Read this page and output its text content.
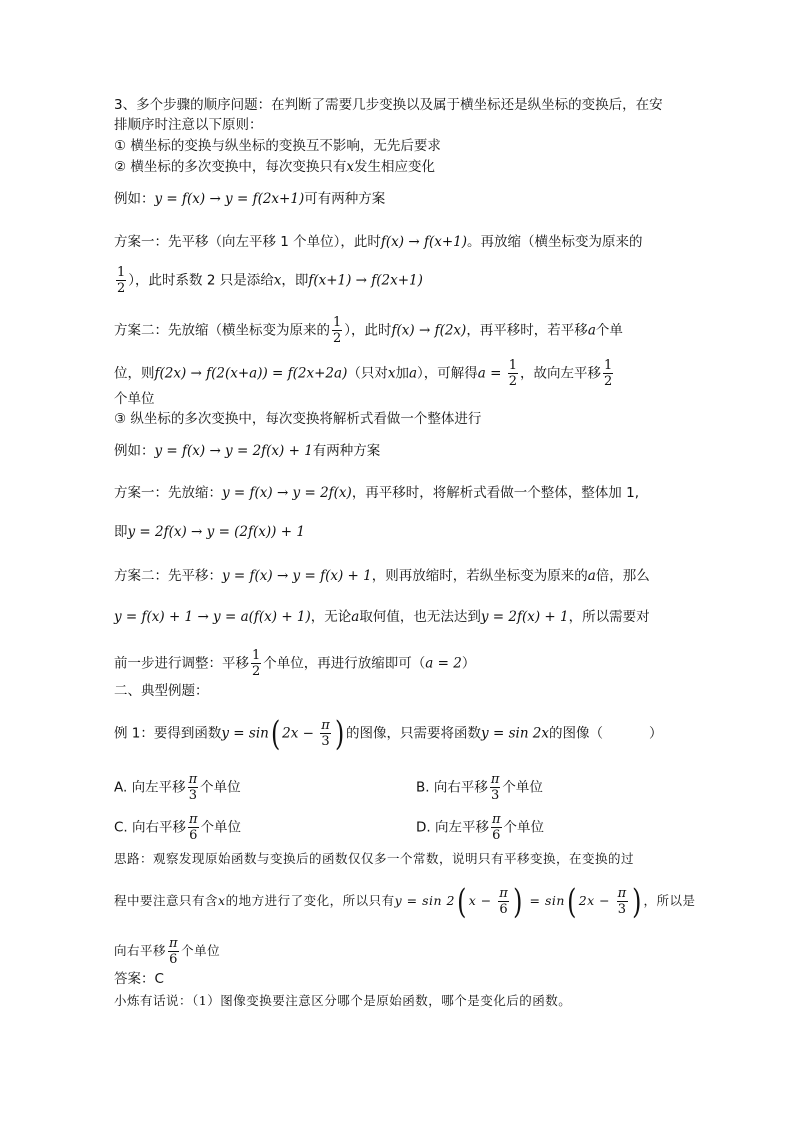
3、多个步骤的顺序问题：在判断了需要几步变换以及属于横坐标还是纵坐标的变换后，在安
排顺序时注意以下原则：
① 横坐标的变换与纵坐标的变换互不影响，无先后要求
② 横坐标的多次变换中，每次变换只有x发生相应变化
例如：y = f(x) → y = f(2x+1)可有两种方案
方案一：先平移（向左平移 1 个单位），此时f(x) → f(x+1)。再放缩（横坐标变为原来的
$\frac{1}{2}$ ），此时系数 2 只是添给x，即f(x+1) → f(2x+1)
方案二：先放缩（横坐标变为原来的 $\frac{1}{2}$ ），此时f(x) → f(2x)，再平移时，若平移a个单
位，则f(2x) → f(2(x+a)) = f(2x+2a)（只对x加a），可解得$a = \frac{1}{2}$ ，故向左平移 $\frac{1}{2}$
个单位
③ 纵坐标的多次变换中，每次变换将解析式看做一个整体进行
例如：y = f(x) → y = 2f(x) + 1有两种方案
方案一：先放缩：y = f(x) → y = 2f(x)，再平移时，将解析式看做一个整体，整体加 1,
即y = 2f(x) → y = (2f(x)) + 1
方案二：先平移：y = f(x) → y = f(x) + 1，则再放缩时，若纵坐标变为原来的a倍，那么
y = f(x) + 1 → y = a(f(x) + 1)，无论a取何值，也无法达到y = 2f(x) + 1，所以需要对
前一步进行调整：平移 $\frac{1}{2}$ 个单位，再进行放缩即可（a = 2）
二、典型例题：
例 1：要得到函数y = sin( $2x - \frac{\pi}{3}$ ) 的图像，只需要将函数y = sin 2x的图像（	）
A. 向左平移 $\frac{\pi}{3}$ 个单位	B. 向右平移 $\frac{\pi}{3}$ 个单位
C. 向右平移 $\frac{\pi}{6}$ 个单位	D. 向左平移 $\frac{\pi}{6}$ 个单位
思路：观察发现原始函数与变换后的函数仅仅多一个常数，说明只有平移变换，在变换的过
程中要注意只有含x的地方进行了变化，所以只有y = sin 2( $x - \frac{\pi}{6}$ ) = sin( $2x - \frac{\pi}{3}$ ) ，所以是
向右平移 $\frac{\pi}{6}$ 个单位
答案：C
小炼有话说：（1）图像变换要注意区分哪个是原始函数，哪个是变化后的函数。
